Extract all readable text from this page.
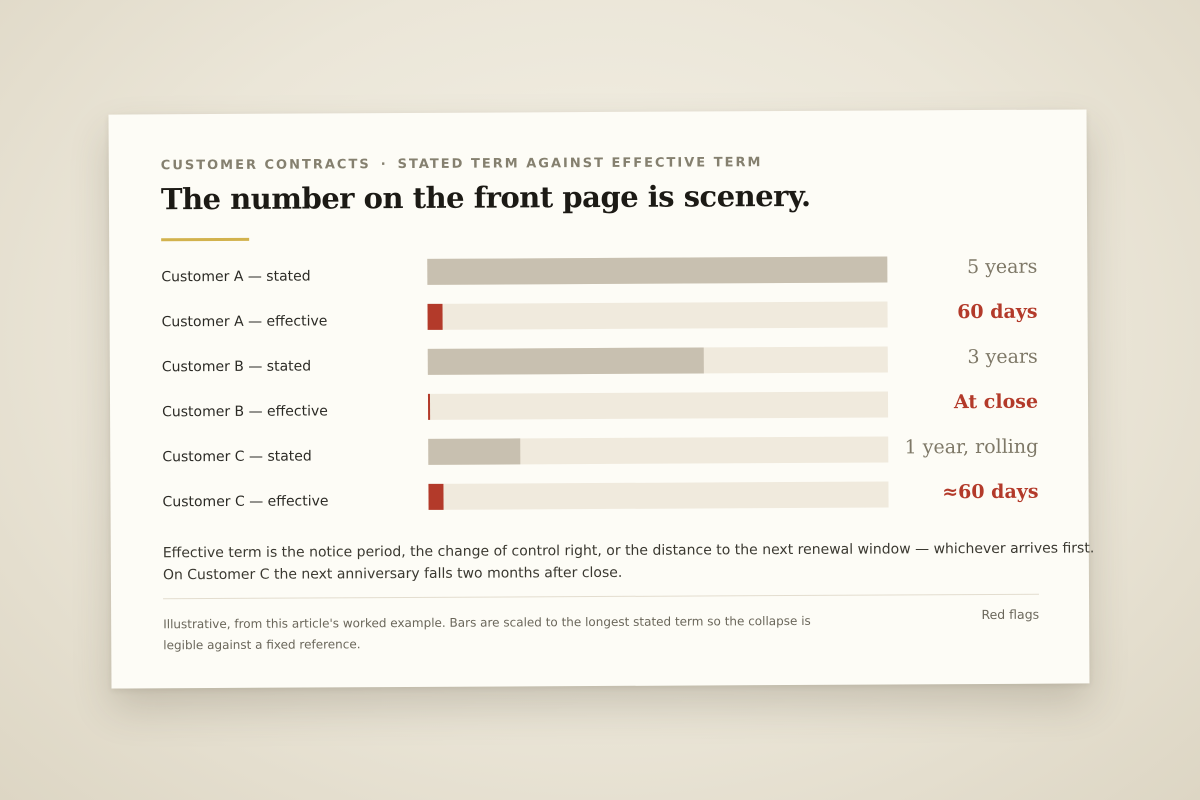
CUSTOMER CONTRACTS · STATED TERM AGAINST EFFECTIVE TERM
The number on the front page is scenery.
Customer A — stated	5 years
Customer A — effective	60 days
Customer B — stated	3 years
Customer B — effective	At close
Customer C — stated	1 year, rolling
Customer C — effective	≈60 days

Effective term is the notice period, the change of control right, or the distance to the next renewal window — whichever arrives first.

On Customer C the next anniversary falls two months after close.

Illustrative, from this article's worked example. Bars are scaled to the longest stated term so the collapse is

legible against a fixed reference.

Red flags
